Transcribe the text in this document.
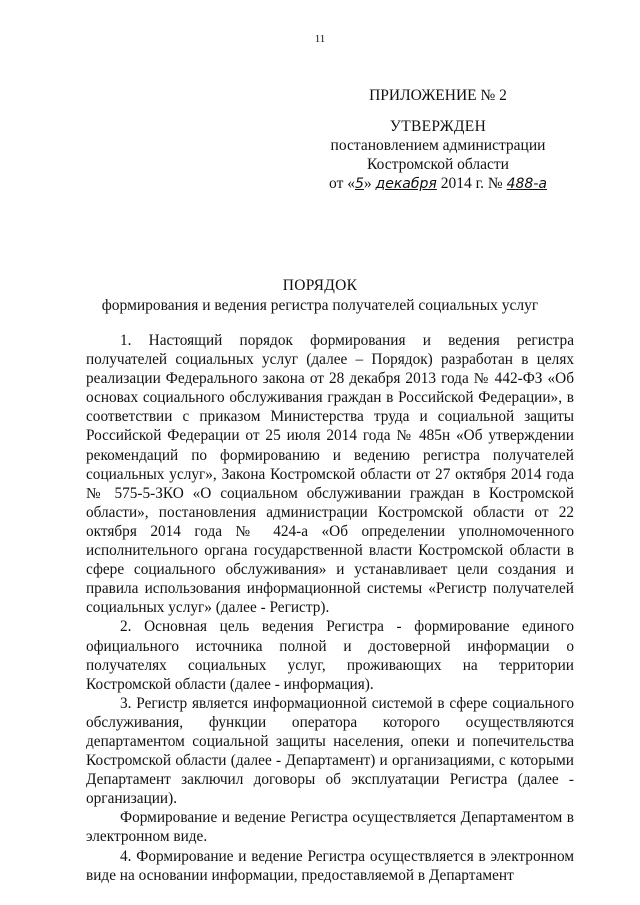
11
ПРИЛОЖЕНИЕ № 2
УТВЕРЖДЕН
постановлением администрации
Костромской области
от «5» декабря 2014 г. № 488-а
ПОРЯДОК
формирования и ведения регистра получателей социальных услуг

1. Настоящий порядок формирования и ведения регистра получателей социальных услуг (далее – Порядок) разработан в целях реализации Федерального закона от 28 декабря 2013 года № 442-ФЗ «Об основах социального обслуживания граждан в Российской Федерации», в соответствии с приказом Министерства труда и социальной защиты Российской Федерации от 25 июля 2014 года № 485н «Об утверждении рекомендаций по формированию и ведению регистра получателей социальных услуг», Закона Костромской области от 27 октября 2014 года № 575-5-ЗКО «О социальном обслуживании граждан в Костромской области», постановления администрации Костромской области от 22 октября 2014 года № 424-а «Об определении уполномоченного исполнительного органа государственной власти Костромской области в сфере социального обслуживания» и устанавливает цели создания и правила использования информационной системы «Регистр получателей социальных услуг» (далее - Регистр).

2. Основная цель ведения Регистра - формирование единого официального источника полной и достоверной информации о получателях социальных услуг, проживающих на территории Костромской области (далее - информация).

3. Регистр является информационной системой в сфере социального обслуживания, функции оператора которого осуществляются департаментом социальной защиты населения, опеки и попечительства Костромской области (далее - Департамент) и организациями, с которыми Департамент заключил договоры об эксплуатации Регистра (далее - организации).

Формирование и ведение Регистра осуществляется Департаментом в электронном виде.

4. Формирование и ведение Регистра осуществляется в электронном виде на основании информации, предоставляемой в Департамент
